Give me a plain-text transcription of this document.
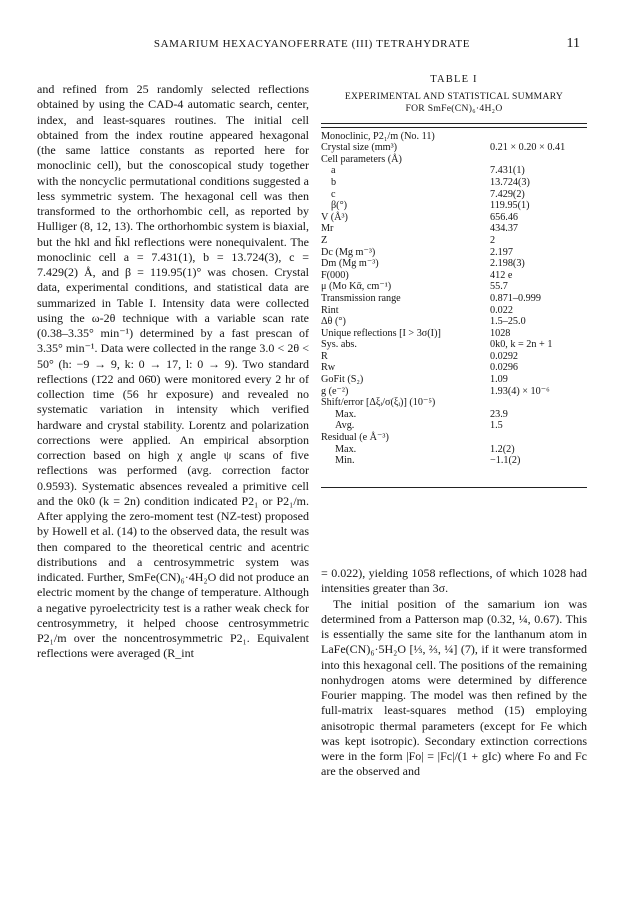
SAMARIUM HEXACYANOFERRATE (III) TETRAHYDRATE	11

and refined from 25 randomly selected reflections obtained by using the CAD-4 automatic search, center, index, and least-squares routines. The initial cell obtained from the index routine appeared hexagonal (the same lattice constants as reported here for monoclinic cell), but the conoscopical study together with the noncyclic permutational conditions suggested a less symmetric system. The hexagonal cell was then transformed to the orthorhombic cell, as reported by Hulliger (8, 12, 13). The orthorhombic system is biaxial, but the hkl and h̄kl reflections were nonequivalent. The monoclinic cell a = 7.431(1), b = 13.724(3), c = 7.429(2) Å, and β = 119.95(1)° was chosen. Crystal data, experimental conditions, and statistical data are summarized in Table I. Intensity data were collected using the ω-2θ technique with a variable scan rate (0.38–3.35° min⁻¹) determined by a fast prescan of 3.35° min⁻¹. Data were collected in the range 3.0 < 2θ < 50° (h: −9 → 9, k: 0 → 17, l: 0 → 9). Two standard reflections (1̄22 and 06̄0) were monitored every 2 hr of collection time (56 hr exposure) and revealed no systematic variation in intensity which verified hardware and crystal stability. Lorentz and polarization corrections were applied. An empirical absorption correction based on high χ angle ψ scans of five reflections was performed (avg. correction factor 0.9593). Systematic absences revealed a primitive cell and the 0k0 (k = 2n) condition indicated P2₁ or P2₁/m. After applying the zero-moment test (NZ-test) proposed by Howell et al. (14) to the observed data, the result was then compared to the theoretical centric and acentric distributions and a centrosymmetric system was indicated. Further, SmFe(CN)₆·4H₂O did not produce an electric moment by the change of temperature. Although a negative pyroelectricity test is a rather weak check for centrosymmetry, it helped choose centrosymmetric P2₁/m over the noncentrosymmetric P2₁. Equivalent reflections were averaged (R_int

TABLE I
EXPERIMENTAL AND STATISTICAL SUMMARY
FOR SmFe(CN)₆·4H₂O
Monoclinic, P2₁/m (No. 11)
Crystal size (mm³)	0.21 × 0.20 × 0.41
Cell parameters (Å)
a	7.431(1)
b	13.724(3)
c	7.429(2)
β(°)	119.95(1)
V (Å³)	656.46
Mr	434.37
Z	2
Dc (Mg m⁻³)	2.197
Dm (Mg m⁻³)	2.198(3)
F(000)	412 e
μ (Mo Kᾱ, cm⁻¹)	55.7
Transmission range	0.871–0.999
Rint	0.022
Δθ (°)	1.5–25.0
Unique reflections [I > 3σ(I)]	1028
Sys. abs.	0k0, k = 2n + 1
R	0.0292
Rw	0.0296
GoFit (S₂)	1.09
g (e⁻²)	1.93(4) × 10⁻⁶
Shift/error [Δξᵢ/σ(ξᵢ)] (10⁻⁵)
Max.	23.9
Avg.	1.5
Residual (e Å⁻³)
Max.	1.2(2)
Min.	−1.1(2)

= 0.022), yielding 1058 reflections, of which 1028 had intensities greater than 3σ.

The initial position of the samarium ion was determined from a Patterson map (0.32, ¼, 0.67). This is essentially the same site for the lanthanum atom in LaFe(CN)₆·5H₂O [⅓, ⅔, ¼] (7), if it were transformed into this hexagonal cell. The positions of the remaining nonhydrogen atoms were determined by difference Fourier mapping. The model was then refined by the full-matrix least-squares method (15) employing anisotropic thermal parameters (except for Fe which was kept isotropic). Secondary extinction corrections were in the form |Fo| = |Fc|/(1 + gIc) where Fo and Fc are the observed and
